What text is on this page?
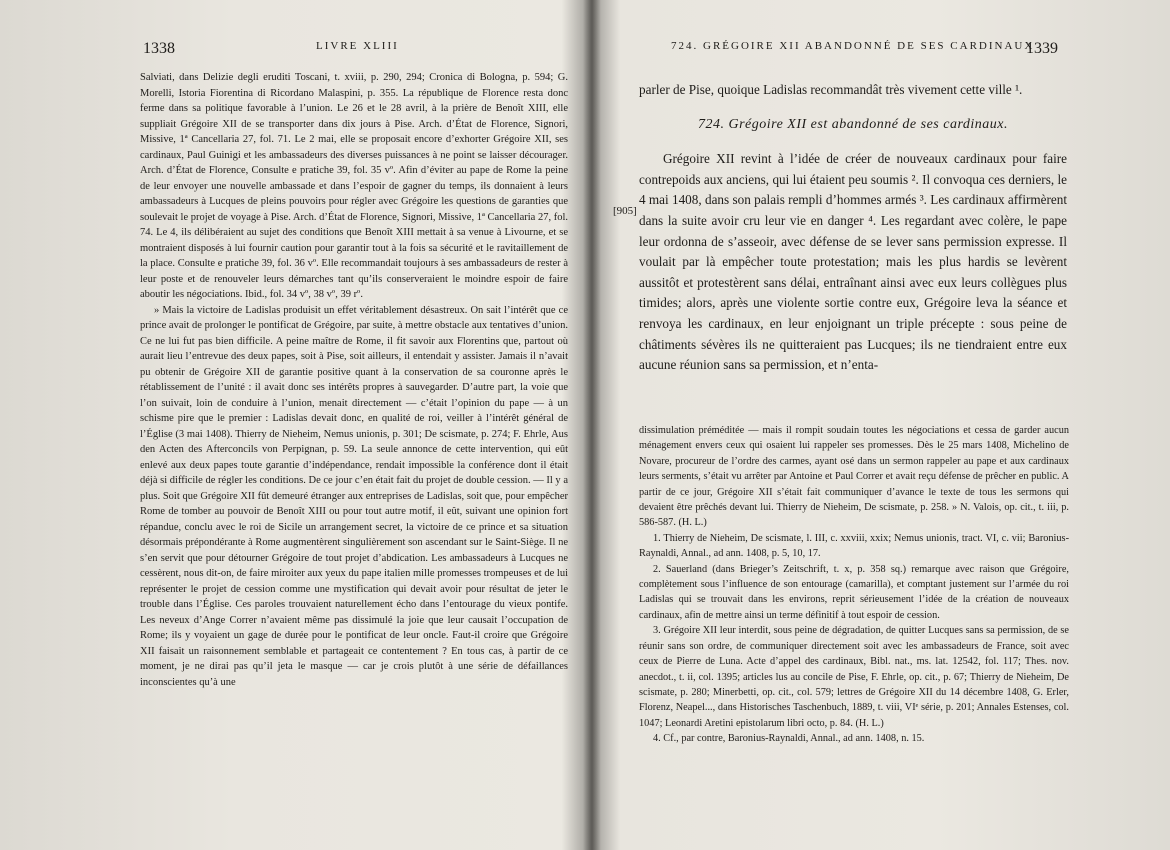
1338	LIVRE XLIII

Salviati, dans Delizie degli eruditi Toscani, t. xviii, p. 290, 294; Cronica di Bologna, p. 594; G. Morelli, Istoria Fiorentina di Ricordano Malaspini, p. 355. La république de Florence resta donc ferme dans sa politique favorable à l’union. Le 26 et le 28 avril, à la prière de Benoît XIII, elle suppliait Grégoire XII de se transporter dans dix jours à Pise. Arch. d’État de Florence, Signori, Missive, 1ª Cancellaria 27, fol. 71. Le 2 mai, elle se proposait encore d’exhorter Grégoire XII, ses cardinaux, Paul Guinigi et les ambassadeurs des diverses puissances à ne point se laisser décourager. Arch. d’État de Florence, Consulte e pratiche 39, fol. 35 vº. Afin d’éviter au pape de Rome la peine de leur envoyer une nouvelle ambassade et dans l’espoir de gagner du temps, ils donnaient à leurs ambassadeurs à Lucques de pleins pouvoirs pour régler avec Grégoire les questions de garanties que soulevait le projet de voyage à Pise. Arch. d’État de Florence, Signori, Missive, 1ª Cancellaria 27, fol. 74. Le 4, ils délibéraient au sujet des conditions que Benoît XIII mettait à sa venue à Livourne, et se montraient disposés à lui fournir caution pour garantir tout à la fois sa sécurité et le ravitaillement de la place. Consulte e pratiche 39, fol. 36 vº. Elle recommandait toujours à ses ambassadeurs de rester à leur poste et de renouveler leurs démarches tant qu’ils conserveraient le moindre espoir de faire aboutir les négociations. Ibid., fol. 34 vº, 38 vº, 39 rº.

» Mais la victoire de Ladislas produisit un effet véritablement désastreux. On sait l’intérêt que ce prince avait de prolonger le pontificat de Grégoire, par suite, à mettre obstacle aux tentatives d’union. Ce ne lui fut pas bien difficile. A peine maître de Rome, il fit savoir aux Florentins que, partout où aurait lieu l’entrevue des deux papes, soit à Pise, soit ailleurs, il entendait y assister. Jamais il n’avait pu obtenir de Grégoire XII de garantie positive quant à la conservation de sa couronne après le rétablissement de l’unité : il avait donc ses intérêts propres à sauvegarder. D’autre part, la voie que l’on suivait, loin de conduire à l’union, menait directement — c’était l’opinion du pape — à un schisme pire que le premier : Ladislas devait donc, en qualité de roi, veiller à l’intérêt général de l’Église (3 mai 1408). Thierry de Nieheim, Nemus unionis, p. 301; De scismate, p. 274; F. Ehrle, Aus den Acten des Afterconcils von Perpignan, p. 59. La seule annonce de cette intervention, qui eût enlevé aux deux papes toute garantie d’indépendance, rendait impossible la conférence dont il était déjà si difficile de régler les conditions. De ce jour c’en était fait du projet de double cession. — Il y a plus. Soit que Grégoire XII fût demeuré étranger aux entreprises de Ladislas, soit que, pour empêcher Rome de tomber au pouvoir de Benoît XIII ou pour tout autre motif, il eût, suivant une opinion fort répandue, conclu avec le roi de Sicile un arrangement secret, la victoire de ce prince et sa situation désormais prépondérante à Rome augmentèrent singulièrement son ascendant sur le Saint-Siège. Il ne s’en servit que pour détourner Grégoire de tout projet d’abdication. Les ambassadeurs à Lucques ne cessèrent, nous dit-on, de faire miroiter aux yeux du pape italien mille promesses trompeuses et de lui représenter le projet de cession comme une mystification qui devait avoir pour résultat de jeter le trouble dans l’Église. Ces paroles trouvaient naturellement écho dans l’entourage du vieux pontife. Les neveux d’Ange Correr n’avaient même pas dissimulé la joie que leur causait l’occupation de Rome; ils y voyaient un gage de durée pour le pontificat de leur oncle. Faut-il croire que Grégoire XII faisait un raisonnement semblable et partageait ce contentement ? En tous cas, à partir de ce moment, je ne dirai pas qu’il jeta le masque — car je crois plutôt à une série de défaillances inconscientes qu’à une

724. GRÉGOIRE XII ABANDONNÉ DE SES CARDINAUX
1339
[905]

parler de Pise, quoique Ladislas recommandât très vivement cette ville ¹.

724. Grégoire XII est abandonné de ses cardinaux.

Grégoire XII revint à l’idée de créer de nouveaux cardinaux pour faire contrepoids aux anciens, qui lui étaient peu soumis ². Il convoqua ces derniers, le 4 mai 1408, dans son palais rempli d’hommes armés ³. Les cardinaux affirmèrent dans la suite avoir cru leur vie en danger ⁴. Les regardant avec colère, le pape leur ordonna de s’asseoir, avec défense de se lever sans permission expresse. Il voulait par là empêcher toute protestation; mais les plus hardis se levèrent aussitôt et protestèrent sans délai, entraînant ainsi avec eux leurs collègues plus timides; alors, après une violente sortie contre eux, Grégoire leva la séance et renvoya les cardinaux, en leur enjoignant un triple précepte : sous peine de châtiments sévères ils ne quitteraient pas Lucques; ils ne tiendraient entre eux aucune réunion sans sa permission, et n’enta-

dissimulation préméditée — mais il rompit soudain toutes les négociations et cessa de garder aucun ménagement envers ceux qui osaient lui rappeler ses promesses. Dès le 25 mars 1408, Michelino de Novare, procureur de l’ordre des carmes, ayant osé dans un sermon rappeler au pape et aux cardinaux leurs serments, s’était vu arrêter par Antoine et Paul Correr et avait reçu défense de prêcher en public. A partir de ce jour, Grégoire XII s’était fait communiquer d’avance le texte de tous les sermons qui devaient être prêchés devant lui. Thierry de Nieheim, De scismate, p. 258. » N. Valois, op. cit., t. iii, p. 586-587. (H. L.)

1. Thierry de Nieheim, De scismate, l. III, c. xxviii, xxix; Nemus unionis, tract. VI, c. vii; Baronius-Raynaldi, Annal., ad ann. 1408, p. 5, 10, 17.

2. Sauerland (dans Brieger’s Zeitschrift, t. x, p. 358 sq.) remarque avec raison que Grégoire, complètement sous l’influence de son entourage (camarilla), et comptant justement sur l’armée du roi Ladislas qui se trouvait dans les environs, reprit sérieusement l’idée de la création de nouveaux cardinaux, afin de mettre ainsi un terme définitif à tout espoir de cession.

3. Grégoire XII leur interdit, sous peine de dégradation, de quitter Lucques sans sa permission, de se réunir sans son ordre, de communiquer directement soit avec les ambassadeurs de France, soit avec ceux de Pierre de Luna. Acte d’appel des cardinaux, Bibl. nat., ms. lat. 12542, fol. 117; Thes. nov. anecdot., t. ii, col. 1395; articles lus au concile de Pise, F. Ehrle, op. cit., p. 67; Thierry de Nieheim, De scismate, p. 280; Minerbetti, op. cit., col. 579; lettres de Grégoire XII du 14 décembre 1408, G. Erler, Florenz, Neapel..., dans Historisches Taschenbuch, 1889, t. viii, VIᵉ série, p. 201; Annales Estenses, col. 1047; Leonardi Aretini epistolarum libri octo, p. 84. (H. L.)

4. Cf., par contre, Baronius-Raynaldi, Annal., ad ann. 1408, n. 15.
